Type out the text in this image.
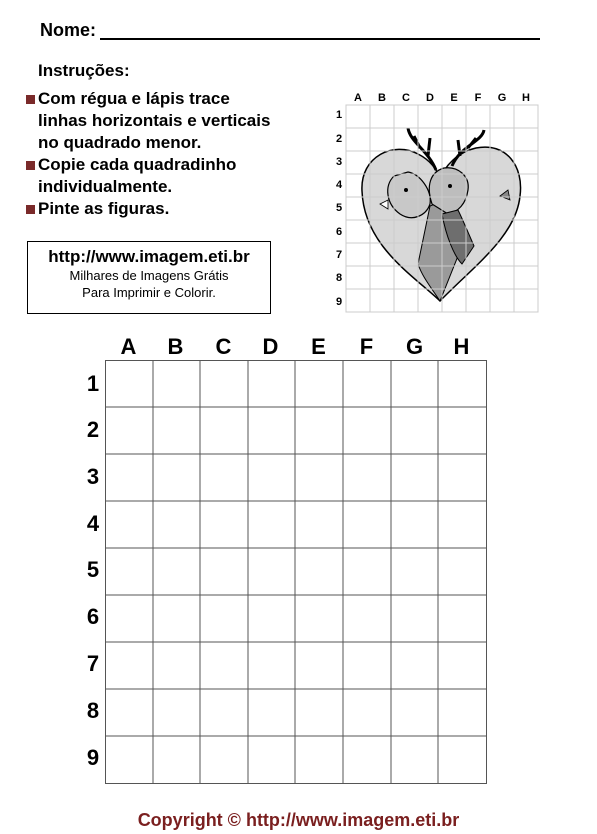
Nome:
Instruções:
Com régua e lápis trace
linhas horizontais e verticais
no quadrado menor.
Copie cada quadradinho
individualmente.
Pinte as figuras.
http://www.imagem.eti.br
Milhares de Imagens Grátis
Para Imprimir e Colorir.
A B C D E F G H
1
2
3
4
5
6
7
8
9
A	B	C	D	E	F	G	H
1
2
3
4
5
6
7
8
9
Copyright © http://www.imagem.eti.br
